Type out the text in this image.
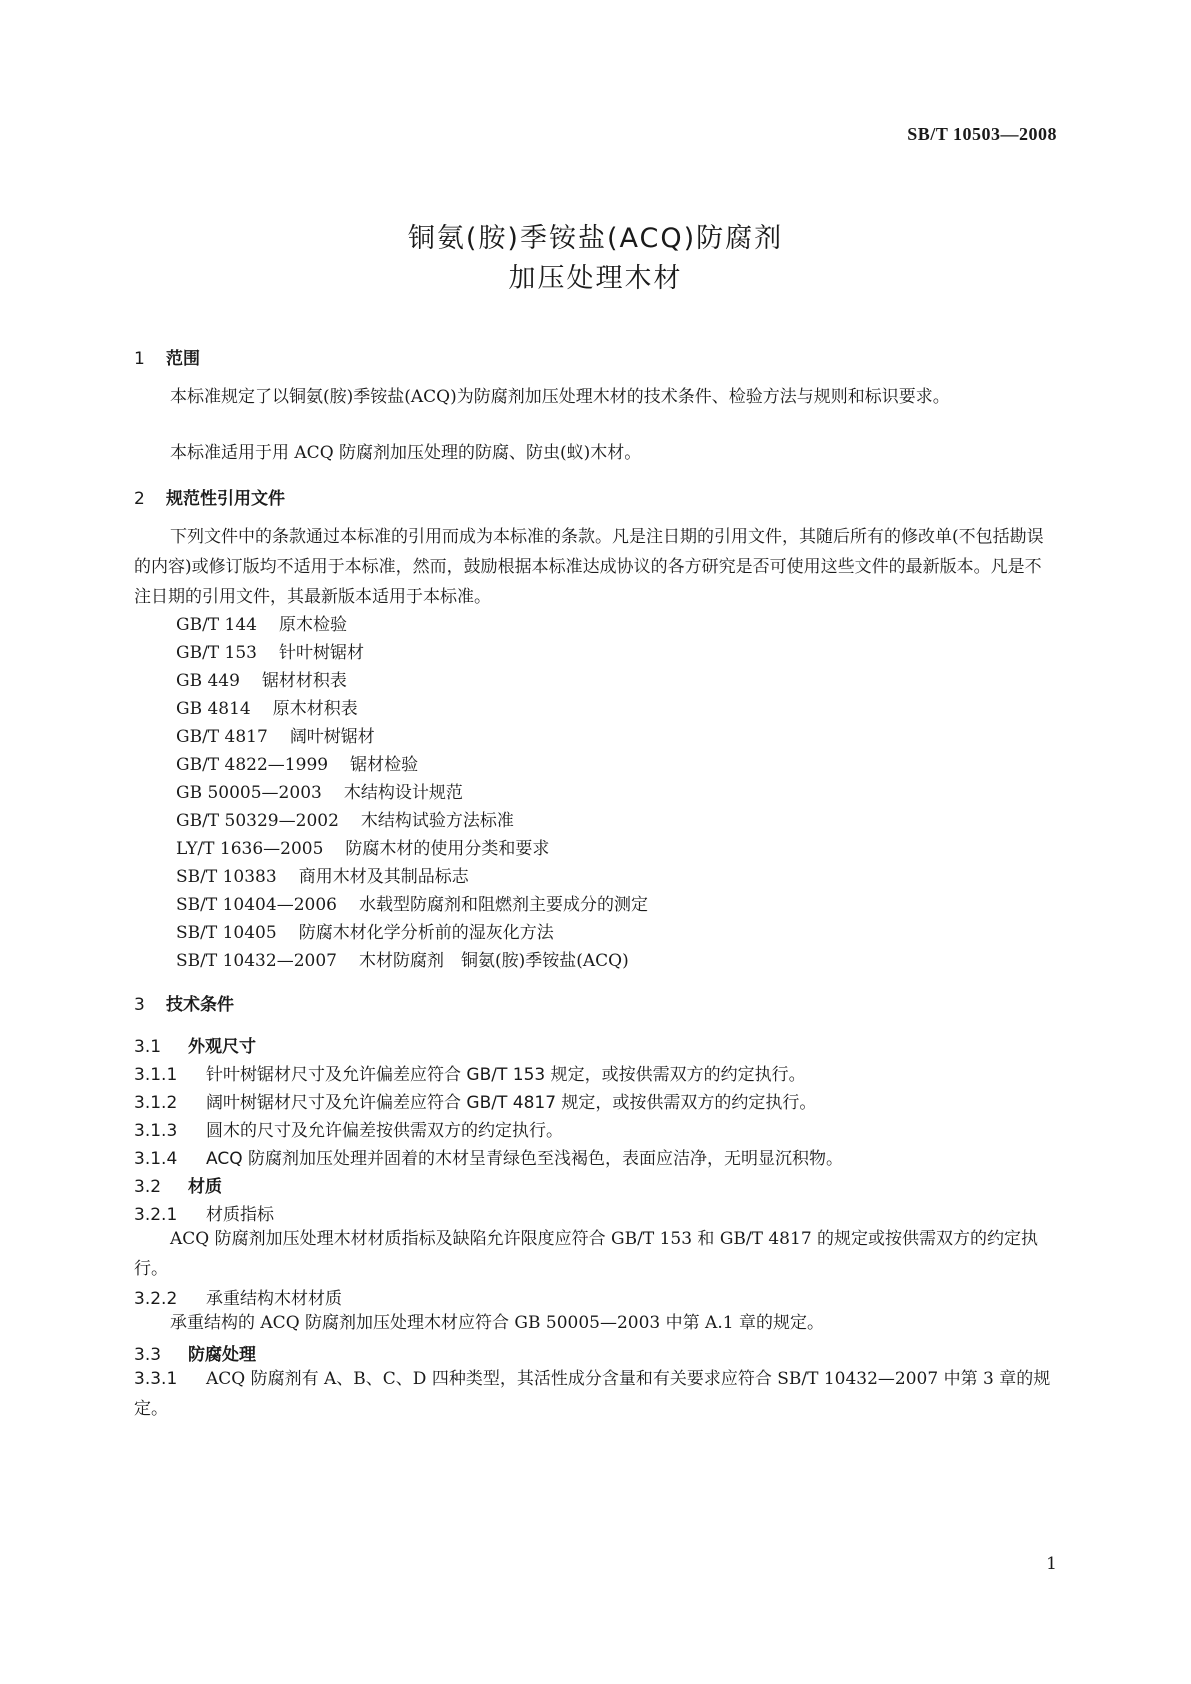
SB/T 10503—2008
铜氨(胺)季铵盐(ACQ)防腐剂
加压处理木材
1 范围
本标准规定了以铜氨(胺)季铵盐(ACQ)为防腐剂加压处理木材的技术条件、检验方法与规则和标识要求。
本标准适用于用 ACQ 防腐剂加压处理的防腐、防虫(蚁)木材。
2 规范性引用文件
下列文件中的条款通过本标准的引用而成为本标准的条款。凡是注日期的引用文件，其随后所有的修改单(不包括勘误的内容)或修订版均不适用于本标准，然而，鼓励根据本标准达成协议的各方研究是否可使用这些文件的最新版本。凡是不注日期的引用文件，其最新版本适用于本标准。
GB/T 144 原木检验
GB/T 153 针叶树锯材
GB 449 锯材材积表
GB 4814 原木材积表
GB/T 4817 阔叶树锯材
GB/T 4822—1999 锯材检验
GB 50005—2003 木结构设计规范
GB/T 50329—2002 木结构试验方法标准
LY/T 1636—2005 防腐木材的使用分类和要求
SB/T 10383 商用木材及其制品标志
SB/T 10404—2006 水载型防腐剂和阻燃剂主要成分的测定
SB/T 10405 防腐木材化学分析前的湿灰化方法
SB/T 10432—2007 木材防腐剂　铜氨(胺)季铵盐(ACQ)
3 技术条件
3.1 外观尺寸
3.1.1 针叶树锯材尺寸及允许偏差应符合 GB/T 153 规定，或按供需双方的约定执行。
3.1.2 阔叶树锯材尺寸及允许偏差应符合 GB/T 4817 规定，或按供需双方的约定执行。
3.1.3 圆木的尺寸及允许偏差按供需双方的约定执行。
3.1.4 ACQ 防腐剂加压处理并固着的木材呈青绿色至浅褐色，表面应洁净，无明显沉积物。
3.2 材质
3.2.1 材质指标
ACQ 防腐剂加压处理木材材质指标及缺陷允许限度应符合 GB/T 153 和 GB/T 4817 的规定或按供需双方的约定执行。
3.2.2 承重结构木材材质
承重结构的 ACQ 防腐剂加压处理木材应符合 GB 50005—2003 中第 A.1 章的规定。
3.3 防腐处理
3.3.1 ACQ 防腐剂有 A、B、C、D 四种类型，其活性成分含量和有关要求应符合 SB/T 10432—2007 中第 3 章的规定。
1
